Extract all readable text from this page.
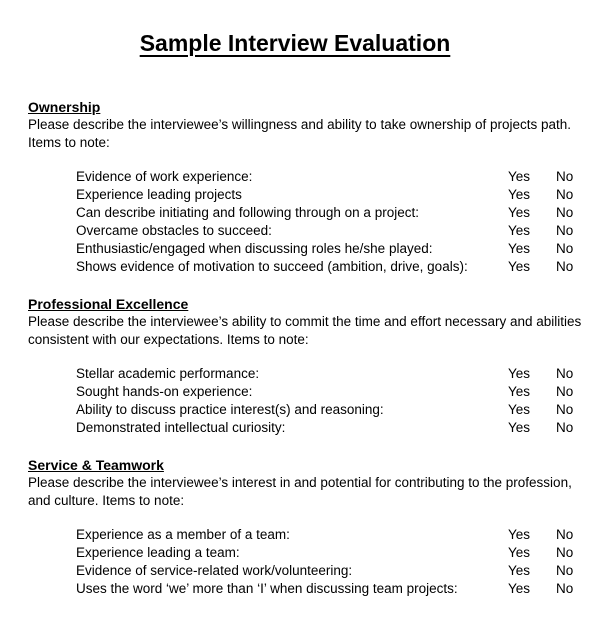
Sample Interview Evaluation
Ownership
Please describe the interviewee’s willingness and ability to take ownership of projects path. Items to note:
Evidence of work experience:	Yes No
Experience leading projects	Yes No
Can describe initiating and following through on a project:	Yes No
Overcame obstacles to succeed:	Yes No
Enthusiastic/engaged when discussing roles he/she played:	Yes No
Shows evidence of motivation to succeed (ambition, drive, goals):	Yes No
Professional Excellence
Please describe the interviewee’s ability to commit the time and effort necessary and abilities consistent with our expectations. Items to note:
Stellar academic performance:	Yes No
Sought hands-on experience:	Yes No
Ability to discuss practice interest(s) and reasoning:	Yes No
Demonstrated intellectual curiosity:	Yes No
Service & Teamwork
Please describe the interviewee’s interest in and potential for contributing to the profession, and culture. Items to note:
Experience as a member of a team:	Yes No
Experience leading a team:	Yes No
Evidence of service-related work/volunteering:	Yes No
Uses the word ‘we’ more than ‘I’ when discussing team projects:	Yes No
